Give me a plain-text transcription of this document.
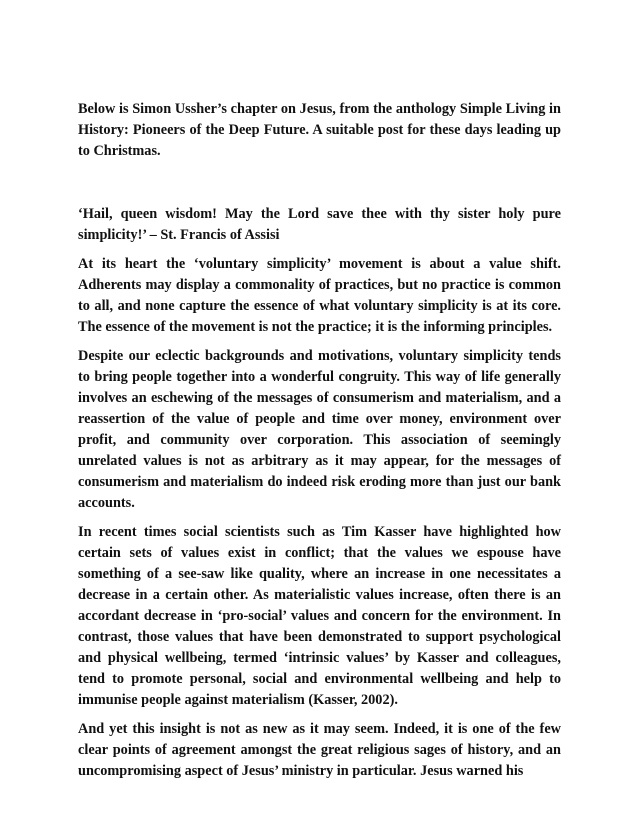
Below is Simon Ussher’s chapter on Jesus, from the anthology Simple Living in History: Pioneers of the Deep Future. A suitable post for these days leading up to Christmas.

‘Hail, queen wisdom! May the Lord save thee with thy sister holy pure simplicity!’ – St. Francis of Assisi

At its heart the ‘voluntary simplicity’ movement is about a value shift. Adherents may display a commonality of practices, but no practice is common to all, and none capture the essence of what voluntary simplicity is at its core. The essence of the movement is not the practice; it is the informing principles.

Despite our eclectic backgrounds and motivations, voluntary simplicity tends to bring people together into a wonderful congruity. This way of life generally involves an eschewing of the messages of consumerism and materialism, and a reassertion of the value of people and time over money, environment over profit, and community over corporation. This association of seemingly unrelated values is not as arbitrary as it may appear, for the messages of consumerism and materialism do indeed risk eroding more than just our bank accounts.

In recent times social scientists such as Tim Kasser have highlighted how certain sets of values exist in conflict; that the values we espouse have something of a see-saw like quality, where an increase in one necessitates a decrease in a certain other. As materialistic values increase, often there is an accordant decrease in ‘pro-social’ values and concern for the environment. In contrast, those values that have been demonstrated to support psychological and physical wellbeing, termed ‘intrinsic values’ by Kasser and colleagues, tend to promote personal, social and environmental wellbeing and help to immunise people against materialism (Kasser, 2002).

And yet this insight is not as new as it may seem. Indeed, it is one of the few clear points of agreement amongst the great religious sages of history, and an uncompromising aspect of Jesus’ ministry in particular. Jesus warned his
